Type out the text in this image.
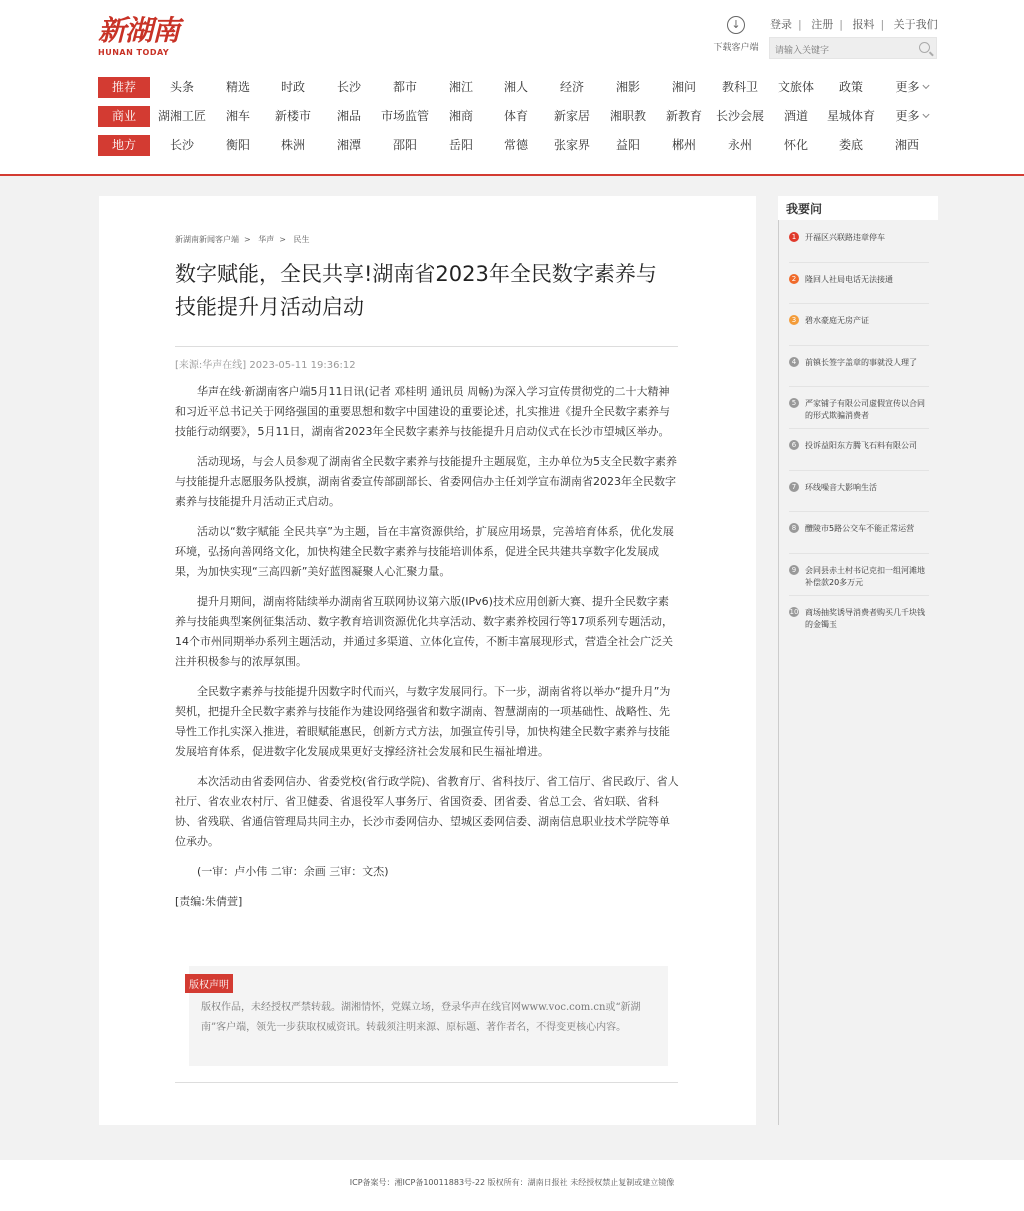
新湖南
HUNAN TODAY
↓
下载客户端
登录 | 注册 | 报料 | 关于我们
请输入关键字
推荐	头条	精选	时政	长沙	都市	湘江	湘人	经济	湘影	湘问 教科卫 文旅体 政策	更多
商业	湖湘工匠 湘车 新楼市 湘品 市场监管 湘商	体育 新家居 湘职教 新教育 长沙会展 酒道 星城体育 更多
地方	长沙	衡阳	株洲	湘潭	邵阳	岳阳	常德 张家界 益阳	郴州	永州	怀化	娄底	湘西
新湖南新闻客户端 > 华声 > 民生
数字赋能，全民共享!湖南省2023年全民数字素养与技能提升月活动启动
[来源:华声在线] 2023-05-11 19:36:12

华声在线·新湖南客户端5月11日讯(记者 邓桂明 通讯员 周畅)为深入学习宣传贯彻党的二十大精神和习近平总书记关于网络强国的重要思想和数字中国建设的重要论述，扎实推进《提升全民数字素养与技能行动纲要》，5月11日，湖南省2023年全民数字素养与技能提升月启动仪式在长沙市望城区举办。

活动现场，与会人员参观了湖南省全民数字素养与技能提升主题展览，主办单位为5支全民数字素养与技能提升志愿服务队授旗，湖南省委宣传部副部长、省委网信办主任刘学宣布湖南省2023年全民数字素养与技能提升月活动正式启动。

活动以“数字赋能 全民共享”为主题，旨在丰富资源供给，扩展应用场景，完善培育体系，优化发展环境，弘扬向善网络文化，加快构建全民数字素养与技能培训体系，促进全民共建共享数字化发展成果，为加快实现“三高四新”美好蓝图凝聚人心汇聚力量。

提升月期间，湖南将陆续举办湖南省互联网协议第六版(IPv6)技术应用创新大赛、提升全民数字素养与技能典型案例征集活动、数字教育培训资源优化共享活动、数字素养校园行等17项系列专题活动，14个市州同期举办系列主题活动，并通过多渠道、立体化宣传，不断丰富展现形式，营造全社会广泛关注并积极参与的浓厚氛围。

全民数字素养与技能提升因数字时代而兴，与数字发展同行。下一步，湖南省将以举办“提升月”为契机，把提升全民数字素养与技能作为建设网络强省和数字湖南、智慧湖南的一项基础性、战略性、先导性工作扎实深入推进，着眼赋能惠民，创新方式方法，加强宣传引导，加快构建全民数字素养与技能发展培育体系，促进数字化发展成果更好支撑经济社会发展和民生福祉增进。

本次活动由省委网信办、省委党校(省行政学院)、省教育厅、省科技厅、省工信厅、省民政厅、省人社厅、省农业农村厅、省卫健委、省退役军人事务厅、省国资委、团省委、省总工会、省妇联、省科协、省残联、省通信管理局共同主办，长沙市委网信办、望城区委网信委、湖南信息职业技术学院等单位承办。

(一审：卢小伟 二审：余画 三审：文杰)

[责编:朱倩萱]

版权声明
版权作品，未经授权严禁转载。湖湘情怀，党媒立场，登录华声在线官网www.voc.com.cn或“新湖南”客户端，领先一步获取权威资讯。转载须注明来源、原标题、著作者名，不得变更核心内容。
我要问
1	开福区兴联路违章停车
2	隆回人社局电话无法接通
3	碧水豪庭无房产证
4	前镇长签字盖章的事就没人理了
5	严家铺子有限公司虚假宣传以合同的形式欺骗消费者
6	投诉益阳东方腾飞石料有限公司
7	环线噪音大影响生活
8	醴陵市5路公交车不能正常运营
9	会同县赤土村书记克扣一组河滩地补偿款20多万元
10 商场抽奖诱导消费者购买几千块钱的金镯玉
ICP备案号：湘ICP备10011883号-22 版权所有：湖南日报社 未经授权禁止复制或建立镜像
